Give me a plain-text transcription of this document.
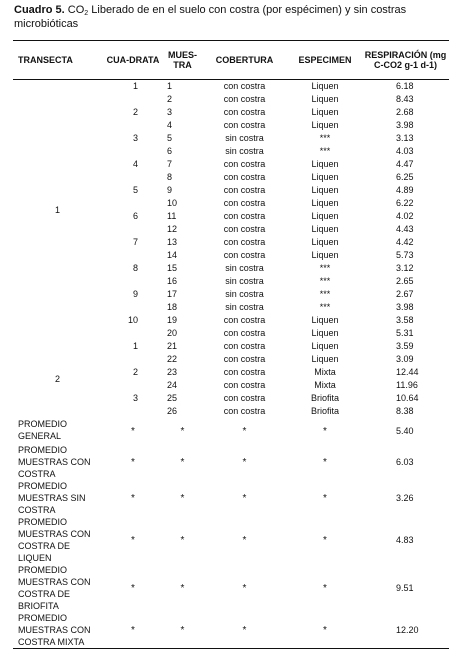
Cuadro 5. $CO_2$ Liberado de en el suelo con costra (por espécimen) y sin costras microbióticas
TRANSECTA	CUA-DRATA	MUES-TRA	COBERTURA	ESPECIMEN	RESPIRACIÓN (mg C-CO2 g-1 d-1)
1	1	1	con costra	Liquen	6.18
		2	con costra	Liquen	8.43
	2	3	con costra	Liquen	2.68
		4	con costra	Liquen	3.98
	3	5	sin costra	***	3.13
		6	sin costra	***	4.03
	4	7	con costra	Liquen	4.47
		8	con costra	Liquen	6.25
	5	9	con costra	Liquen	4.89
		10	con costra	Liquen	6.22
	6	11	con costra	Liquen	4.02
		12	con costra	Liquen	4.43
	7	13	con costra	Liquen	4.42
		14	con costra	Liquen	5.73
	8	15	sin costra	***	3.12
		16	sin costra	***	2.65
	9	17	sin costra	***	2.67
		18	sin costra	***	3.98
	10	19	con costra	Liquen	3.58
		20	con costra	Liquen	5.31
2	1	21	con costra	Liquen	3.59
		22	con costra	Liquen	3.09
	2	23	con costra	Mixta	12.44
		24	con costra	Mixta	11.96
	3	25	con costra	Briofita	10.64
		26	con costra	Briofita	8.38
PROMEDIO GENERAL	*	*	*	*	5.40
PROMEDIO MUESTRAS CON COSTRA	*	*	*	*	6.03
PROMEDIO MUESTRAS SIN COSTRA	*	*	*	*	3.26
PROMEDIO MUESTRAS CON COSTRA DE LIQUEN	*	*	*	*	4.83
PROMEDIO MUESTRAS CON COSTRA DE BRIOFITA	*	*	*	*	9.51
PROMEDIO MUESTRAS CON COSTRA MIXTA	*	*	*	*	12.20
